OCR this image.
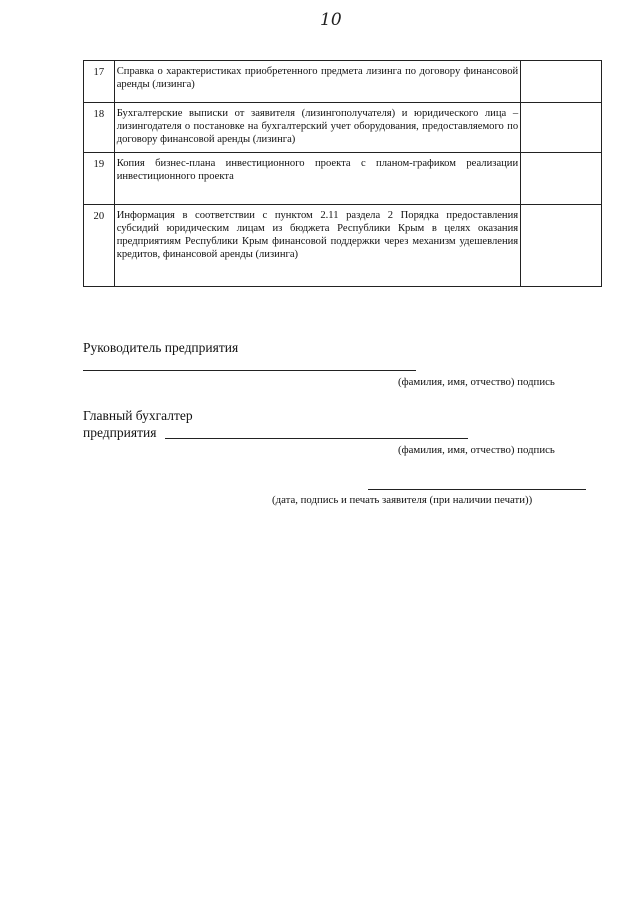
10
17	Справка о характеристиках приобретенного предмета лизинга по договору финансовой аренды (лизинга)	
18	Бухгалтерские выписки от заявителя (лизингополучателя) и юридического лица – лизингодателя о постановке на бухгалтерский учет оборудования, предоставляемого по договору финансовой аренды (лизинга)	
19	Копия бизнес-плана инвестиционного проекта с планом-графиком реализации инвестиционного проекта	
20	Информация в соответствии с пунктом 2.11 раздела 2 Порядка предоставления субсидий юридическим лицам из бюджета Республики Крым в целях оказания предприятиям Республики Крым финансовой поддержки через механизм удешевления кредитов, финансовой аренды (лизинга)	
Руководитель предприятия
(фамилия, имя, отчество) подпись
Главный бухгалтер
предприятия
(фамилия, имя, отчество) подпись
(дата, подпись и печать заявителя (при наличии печати))
